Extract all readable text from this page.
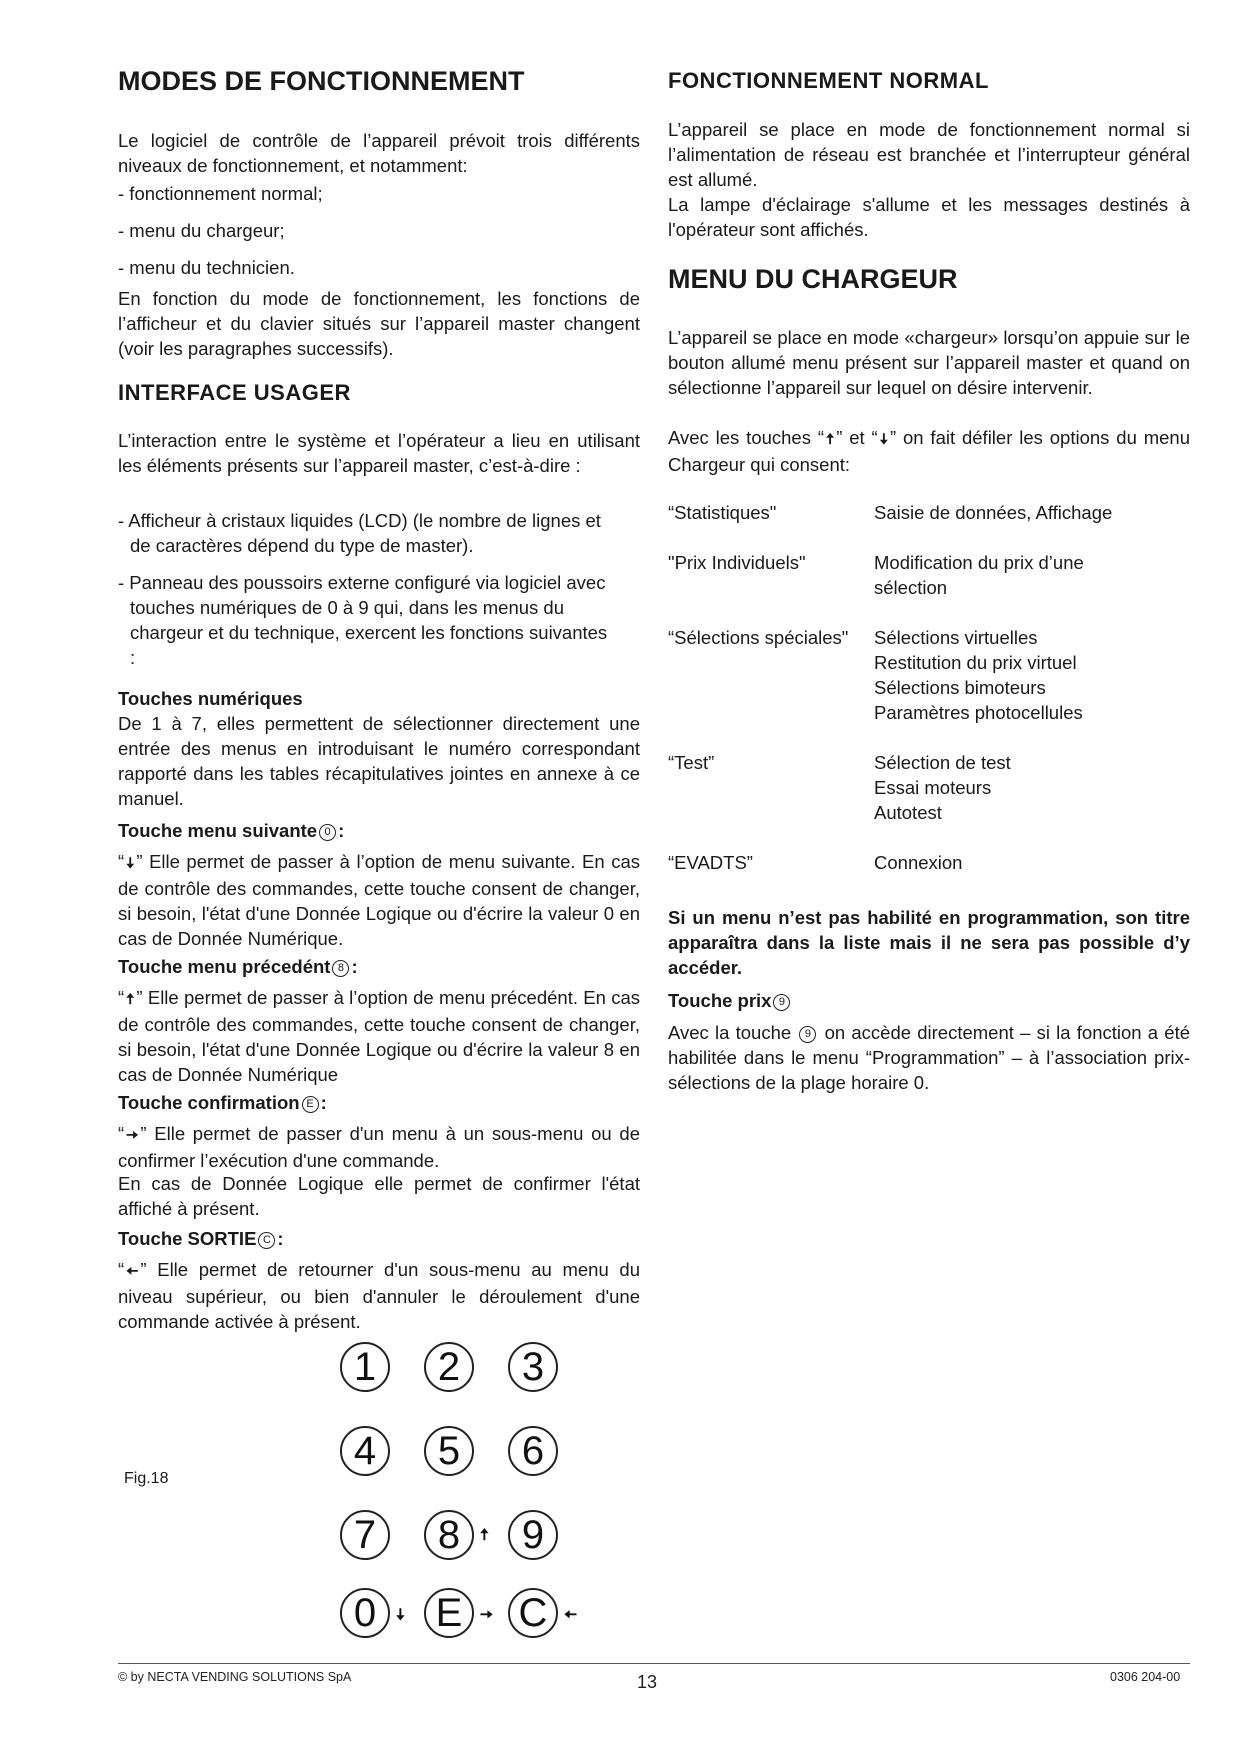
MODES DE FONCTIONNEMENT

Le logiciel de contrôle de l’appareil prévoit trois différents niveaux de fonctionnement, et notamment:

- fonctionnement normal;

- menu du chargeur;

- menu du technicien.

En fonction du mode de fonctionnement, les fonctions de l’afficheur et du clavier situés sur l’appareil master changent (voir les paragraphes successifs).

INTERFACE USAGER

L’interaction entre le système et l’opérateur a lieu en utilisant les éléments présents sur l’appareil master, c’est-à-dire :

- Afficheur à cristaux liquides (LCD) (le nombre de lignes et de caractères dépend du type de master).

- Panneau des poussoirs externe configuré via logiciel avec touches numériques de 0 à 9 qui, dans les menus du chargeur et du technique, exercent les fonctions suivantes :

Touches numériques

De 1 à 7, elles permettent de sélectionner directement une entrée des menus en introduisant le numéro correspondant rapporté dans les tables récapitulatives jointes en annexe à ce manuel.

Touche menu suivante 0 :

“ 🠇 ” Elle permet de passer à l’option de menu suivante. En cas de contrôle des commandes, cette touche consent de changer, si besoin, l'état d'une Donnée Logique ou d'écrire la valeur 0 en cas de Donnée Numérique.

Touche menu précedént 8 :

“ 🠅 ” Elle permet de passer à l’option de menu précedént. En cas de contrôle des commandes, cette touche consent de changer, si besoin, l'état d'une Donnée Logique ou d'écrire la valeur 8 en cas de Donnée Numérique

Touche confirmation E :

“ 🠆 ” Elle permet de passer d'un menu à un sous-menu ou de confirmer l’exécution d'une commande.

En cas de Donnée Logique elle permet de confirmer l'état affiché à présent.

Touche SORTIE C :

“ 🠄 ” Elle permet de retourner d'un sous-menu au menu du niveau supérieur, ou bien d'annuler le déroulement d'une commande activée à présent.

Fig.18
1	2	3
4	5	6
7	8	🠅 9
0	🠇 E	🠆 C	🠄
FONCTIONNEMENT NORMAL

L’appareil se place en mode de fonctionnement normal si l’alimentation de réseau est branchée et l’interrupteur général est allumé.

La lampe d'éclairage s'allume et les messages destinés à l'opérateur sont affichés.

MENU DU CHARGEUR

L’appareil se place en mode «chargeur» lorsqu’on appuie sur le bouton allumé menu présent sur l’appareil master et quand on sélectionne l’appareil sur lequel on désire intervenir.

Avec les touches “ 🠅 ” et “ 🠇 ” on fait défiler les options du menu Chargeur qui consent:

“Statistiques"	Saisie de données, Affichage
"Prix Individuels"	Modification du prix d’une
sélection
“Sélections spéciales" Sélections virtuelles
Restitution du prix virtuel
Sélections bimoteurs
Paramètres photocellules
“Test”	Sélection de test
Essai moteurs
Autotest
“EVADTS”	Connexion

Si un menu n’est pas habilité en programmation, son titre apparaîtra dans la liste mais il ne sera pas possible d’y accéder.

Touche prix 9

Avec la touche 9 on accède directement – si la fonction a été habilitée dans le menu “Programmation” – à l’association prix-sélections de la plage horaire 0.

© by NECTA VENDING SOLUTIONS SpA	13	0306 204-00
